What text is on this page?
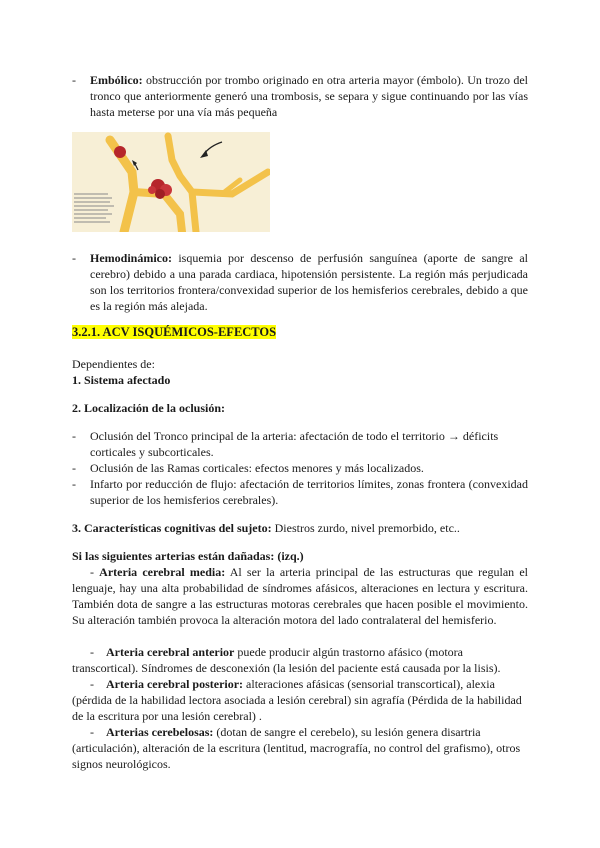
- Embólico: obstrucción por trombo originado en otra arteria mayor (émbolo). Un trozo del tronco que anteriormente generó una trombosis, se separa y sigue continuando por las vías hasta meterse por una vía más pequeña
- Hemodinámico: isquemia por descenso de perfusión sanguínea (aporte de sangre al cerebro) debido a una parada cardiaca, hipotensión persistente. La región más perjudicada son los territorios frontera/convexidad superior de los hemisferios cerebrales, debido a que es la región más alejada.
3.2.1. ACV ISQUÉMICOS-EFECTOS
Dependientes de:
1. Sistema afectado
2. Localización de la oclusión:
- Oclusión del Tronco principal de la arteria: afectación de todo el territorio → déficits corticales y subcorticales.
- Oclusión de las Ramas corticales: efectos menores y más localizados.
- Infarto por reducción de flujo: afectación de territorios límites, zonas frontera (convexidad superior de los hemisferios cerebrales).
3. Características cognitivas del sujeto: Diestros zurdo, nivel premorbido, etc..
Si las siguientes arterias están dañadas: (izq.)
- Arteria cerebral media: Al ser la arteria principal de las estructuras que regulan el lenguaje, hay una alta probabilidad de síndromes afásicos, alteraciones en lectura y escritura. También dota de sangre a las estructuras motoras cerebrales que hacen posible el movimiento. Su alteración también provoca la alteración motora del lado contralateral del hemisferio.
- Arteria cerebral anterior puede producir algún trastorno afásico (motora transcortical). Síndromes de desconexión (la lesión del paciente está causada por la lisis).
- Arteria cerebral posterior: alteraciones afásicas (sensorial transcortical), alexia (pérdida de la habilidad lectora asociada a lesión cerebral) sin agrafía (Pérdida de la habilidad de la escritura por una lesión cerebral) .
- Arterias cerebelosas: (dotan de sangre el cerebelo), su lesión genera disartria (articulación), alteración de la escritura (lentitud, macrografía, no control del grafismo), otros signos neurológicos.
